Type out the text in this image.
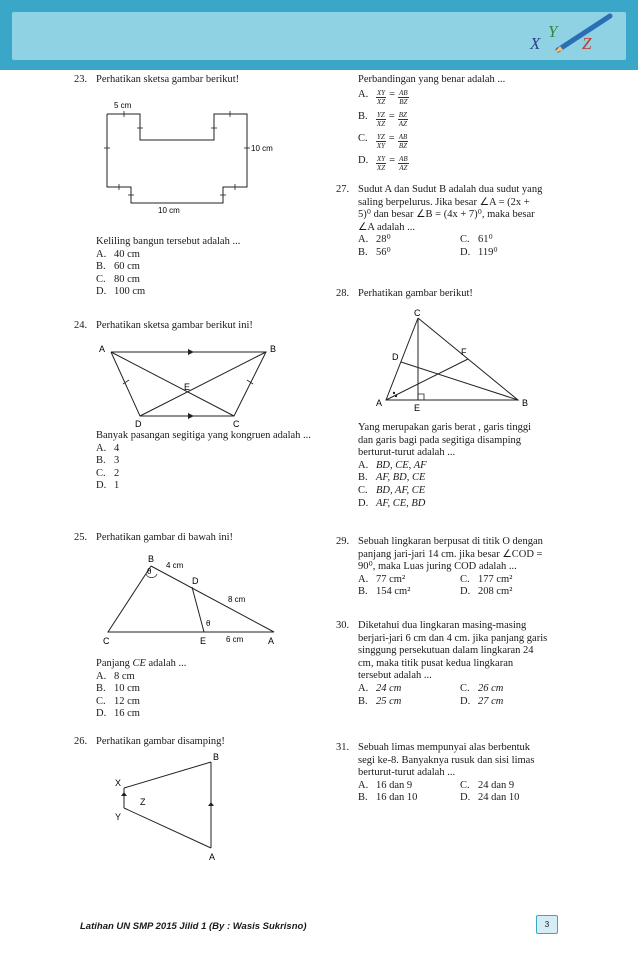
X
Y
Z
23. Perhatikan sketsa gambar berikut!
5 cm
10 cm
10 cm
Keliling bangun tersebut adalah ...
A. 40 cm
B. 60 cm
C. 80 cm
D. 100 cm
24. Perhatikan sketsa gambar berikut ini!
A	B
C
D
E
Banyak pasangan segitiga yang kongruen adalah ...
A. 4
B. 3
C. 2
D. 1
25. Perhatikan gambar di bawah ini!
B
θ
4 cm
D
8 cm
θ
C	E 6 cm	A
Panjang CE adalah ...
A. 8 cm
B. 10 cm
C. 12 cm
D. 16 cm
26. Perhatikan gambar disamping!
X
Y
Z
B
A
Perbandingan yang benar adalah ...
A.	$\frac{XY}{XZ} = \frac{AB}{BZ}$
B.	$\frac{YZ}{XZ} = \frac{BZ}{AZ}$
C.	$\frac{YZ}{XY} = \frac{AB}{BZ}$
D.	$\frac{XY}{XZ} = \frac{AB}{AZ}$
27. Sudut A dan Sudut B adalah dua sudut yang
saling berpelurus. Jika besar ∠A = (2x +
5)⁰ dan besar ∠B = (4x + 7)⁰, maka besar
∠A adalah ...
A. 28⁰	C. 61⁰
B. 56⁰	D. 119⁰
28. Perhatikan gambar berikut!
C
D	F
A	E	B
Yang merupakan garis berat , garis tinggi
dan garis bagi pada segitiga disamping
berturut-turut adalah ...
A. BD, CE, AF
B. AF, BD, CE
C. BD, AF, CE
D. AF, CE, BD
29. Sebuah lingkaran berpusat di titik O dengan
panjang jari-jari 14 cm. jika besar ∠COD =
90⁰, maka Luas juring COD adalah ...
A. 77 cm²	C. 177 cm²
B. 154 cm²	D. 208 cm²
30. Diketahui dua lingkaran masing-masing
berjari-jari 6 cm dan 4 cm. jika panjang garis
singgung persekutuan dalam lingkaran 24
cm, maka titik pusat kedua lingkaran
tersebut adalah ...
A. 24 cm	C. 26 cm
B. 25 cm	D. 27 cm
31. Sebuah limas mempunyai alas berbentuk
segi ke-8. Banyaknya rusuk dan sisi limas
berturut-turut adalah ...
A. 16 dan 9	C. 24 dan 9
B. 16 dan 10	D. 24 dan 10
Latihan UN SMP 2015 Jilid 1 (By : Wasis Sukrisno)	3
